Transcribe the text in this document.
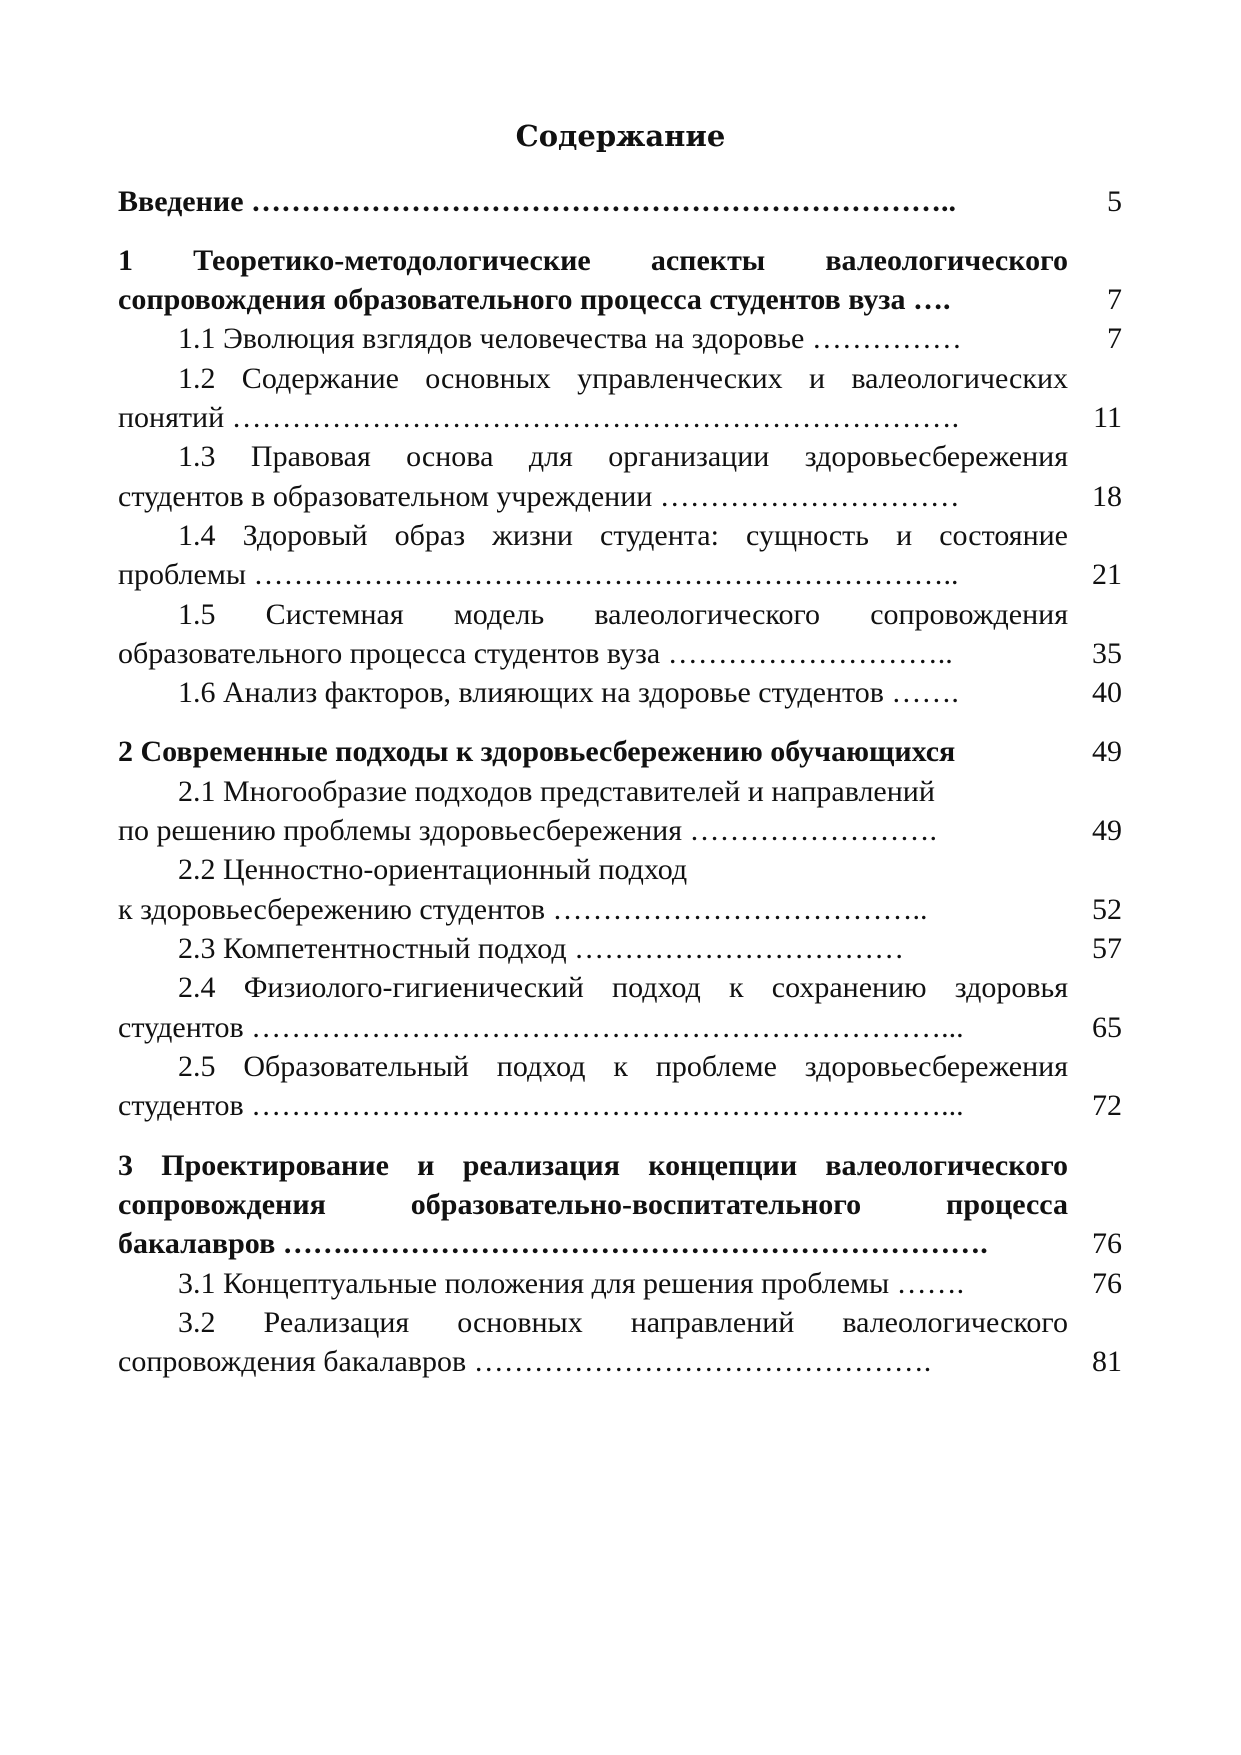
Содержание
Введение ……………………………………………………………..	5
1 Теоретико-методологические аспекты валеологического
сопровождения образовательного процесса студентов вуза ….	7
1.1 Эволюция взглядов человечества на здоровье ……………	7
1.2 Содержание основных управленческих и валеологических
понятий ……………………………………………………………….	11
1.3 Правовая основа для организации здоровьесбережения
студентов в образовательном учреждении …………………………	18
1.4 Здоровый образ жизни студента: сущность и состояние
проблемы ……………………………………………………………..	21
1.5 Системная модель валеологического сопровождения
образовательного процесса студентов вуза ………………………..	35
1.6 Анализ факторов, влияющих на здоровье студентов …….	40
2 Современные подходы к здоровьесбережению обучающихся	49
2.1 Многообразие подходов представителей и направлений
по решению проблемы здоровьесбережения …………………….	49
2.2 Ценностно-ориентационный подход
к здоровьесбережению студентов ………………………………..	52
2.3 Компетентностный подход ……………………………	57
2.4 Физиолого-гигиенический подход к сохранению здоровья
студентов ……………………………………………………………...	65
2.5 Образовательный подход к проблеме здоровьесбережения
студентов ……………………………………………………………...	72
3 Проектирование и реализация концепции валеологического
сопровождения образовательно-воспитательного процесса
бакалавров …….……………………………………………………….	76
3.1 Концептуальные положения для решения проблемы …….	76
3.2 Реализация основных направлений валеологического
сопровождения бакалавров ……………………………………….	81
